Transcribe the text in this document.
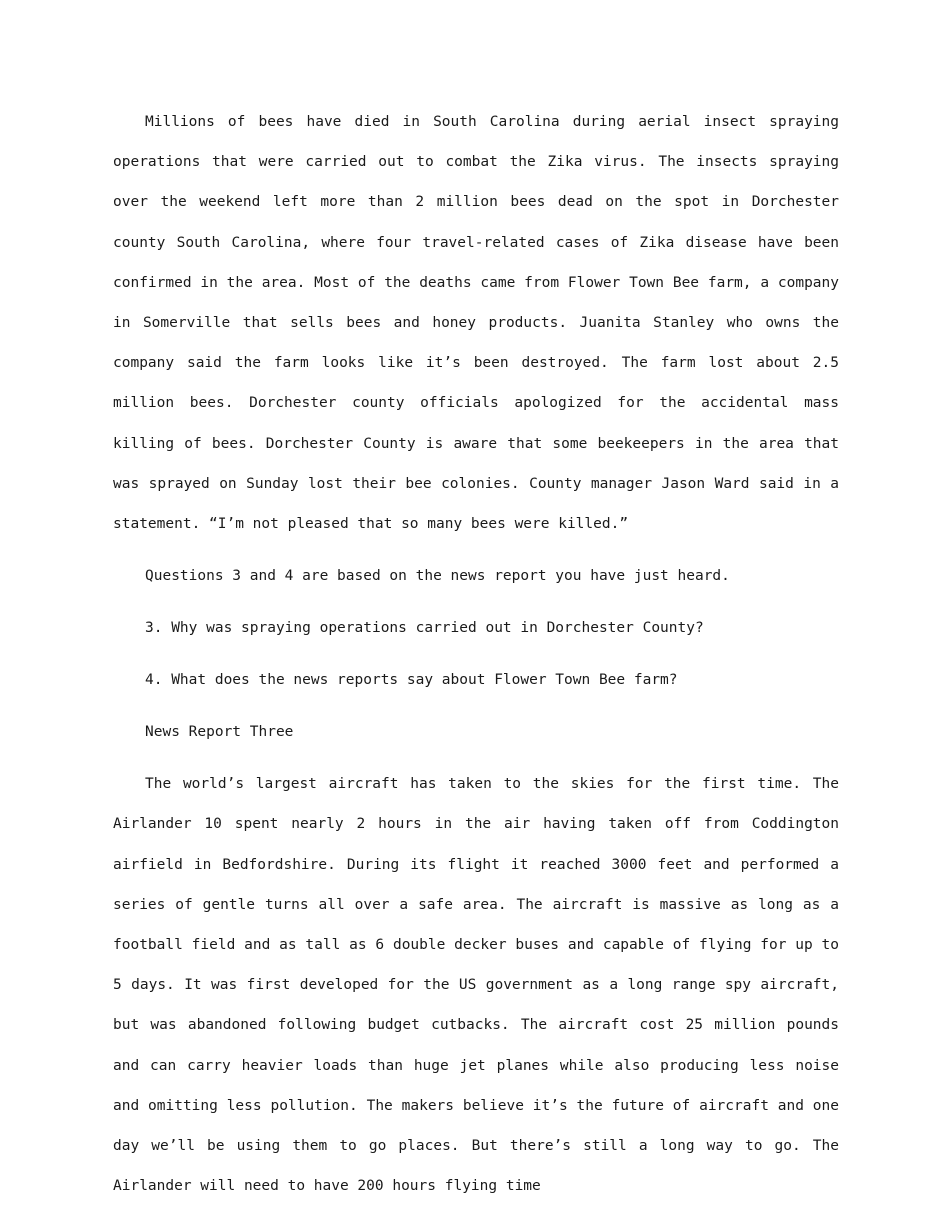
Millions of bees have died in South Carolina during aerial insect spraying operations that were carried out to combat the Zika virus. The insects spraying over the weekend left more than 2 million bees dead on the spot in Dorchester county South Carolina, where four travel-related cases of Zika disease have been confirmed in the area. Most of the deaths came from Flower Town Bee farm, a company in Somerville that sells bees and honey products. Juanita Stanley who owns the company said the farm looks like it’s been destroyed. The farm lost about 2.5 million bees. Dorchester county officials apologized for the accidental mass killing of bees. Dorchester County is aware that some beekeepers in the area that was sprayed on Sunday lost their bee colonies. County manager Jason Ward said in a statement. “I’m not pleased that so many bees were killed.”

Questions 3 and 4 are based on the news report you have just heard.

3. Why was spraying operations carried out in Dorchester County?

4. What does the news reports say about Flower Town Bee farm?

News Report Three

The world’s largest aircraft has taken to the skies for the first time. The Airlander 10 spent nearly 2 hours in the air having taken off from Coddington airfield in Bedfordshire. During its flight it reached 3000 feet and performed a series of gentle turns all over a safe area. The aircraft is massive as long as a football field and as tall as 6 double decker buses and capable of flying for up to 5 days. It was first developed for the US government as a long range spy aircraft, but was abandoned following budget cutbacks. The aircraft cost 25 million pounds and can carry heavier loads than huge jet planes while also producing less noise and omitting less pollution. The makers believe it’s the future of aircraft and one day we’ll be using them to go places. But there’s still a long way to go. The Airlander will need to have 200 hours flying time
